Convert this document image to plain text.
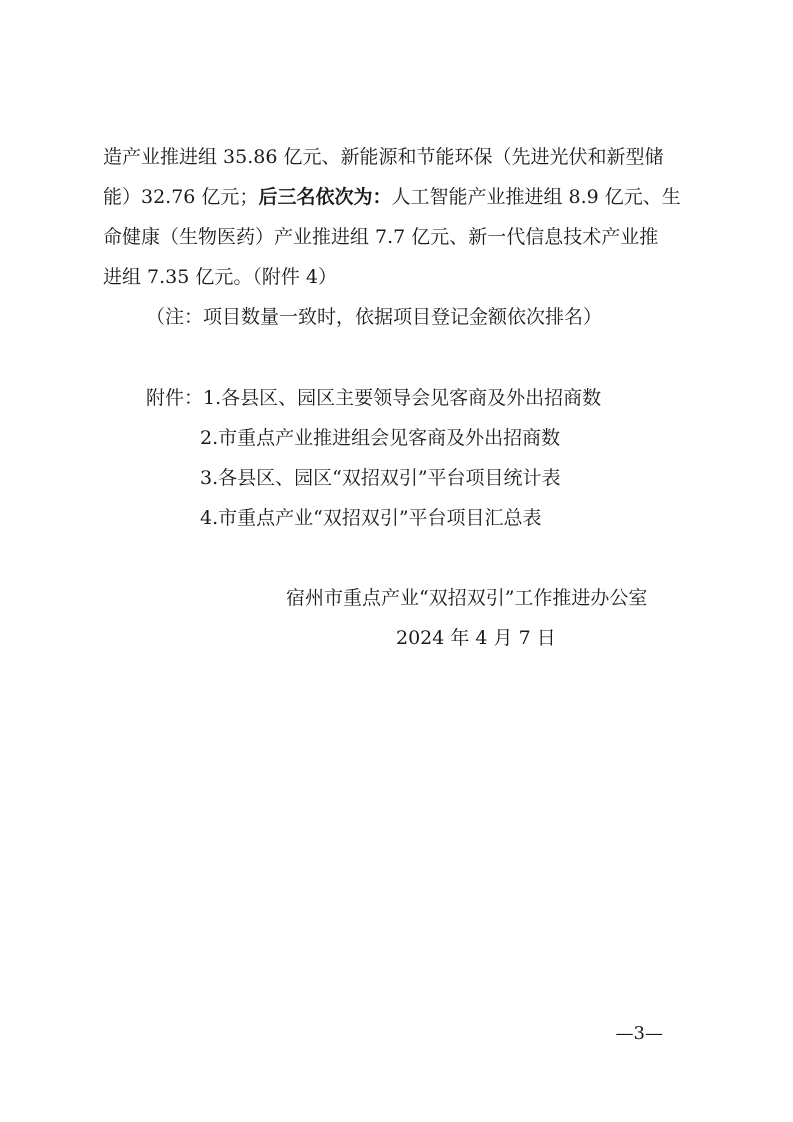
造产业推进组 35.86 亿元、新能源和节能环保（先进光伏和新型储
能）32.76 亿元；后三名依次为：人工智能产业推进组 8.9 亿元、生
命健康（生物医药）产业推进组 7.7 亿元、新一代信息技术产业推
进组 7.35 亿元。（附件 4）
（注：项目数量一致时，依据项目登记金额依次排名）
附件：1.各县区、园区主要领导会见客商及外出招商数
2.市重点产业推进组会见客商及外出招商数
3.各县区、园区“双招双引”平台项目统计表
4.市重点产业“双招双引”平台项目汇总表
宿州市重点产业“双招双引”工作推进办公室
2024 年 4 月 7 日
—3—
